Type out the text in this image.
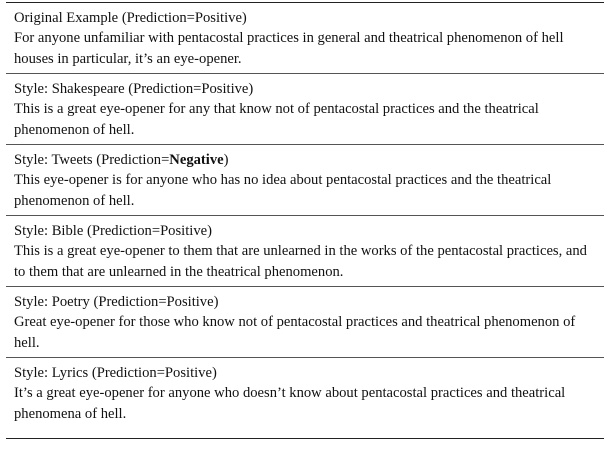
Original Example (Prediction=Positive)
For anyone unfamiliar with pentacostal practices in general and theatrical phenomenon of hell houses in particular, it’s an eye-opener.
Style: Shakespeare (Prediction=Positive)
This is a great eye-opener for any that know not of pentacostal practices and the theatrical phenomenon of hell.
Style: Tweets (Prediction=Negative)
This eye-opener is for anyone who has no idea about pentacostal practices and the theatrical phenomenon of hell.
Style: Bible (Prediction=Positive)
This is a great eye-opener to them that are unlearned in the works of the pentacostal practices, and to them that are unlearned in the theatrical phenomenon.
Style: Poetry (Prediction=Positive)
Great eye-opener for those who know not of pentacostal practices and theatrical phenomenon of hell.
Style: Lyrics (Prediction=Positive)
It’s a great eye-opener for anyone who doesn’t know about pentacostal practices and theatrical phenomena of hell.
